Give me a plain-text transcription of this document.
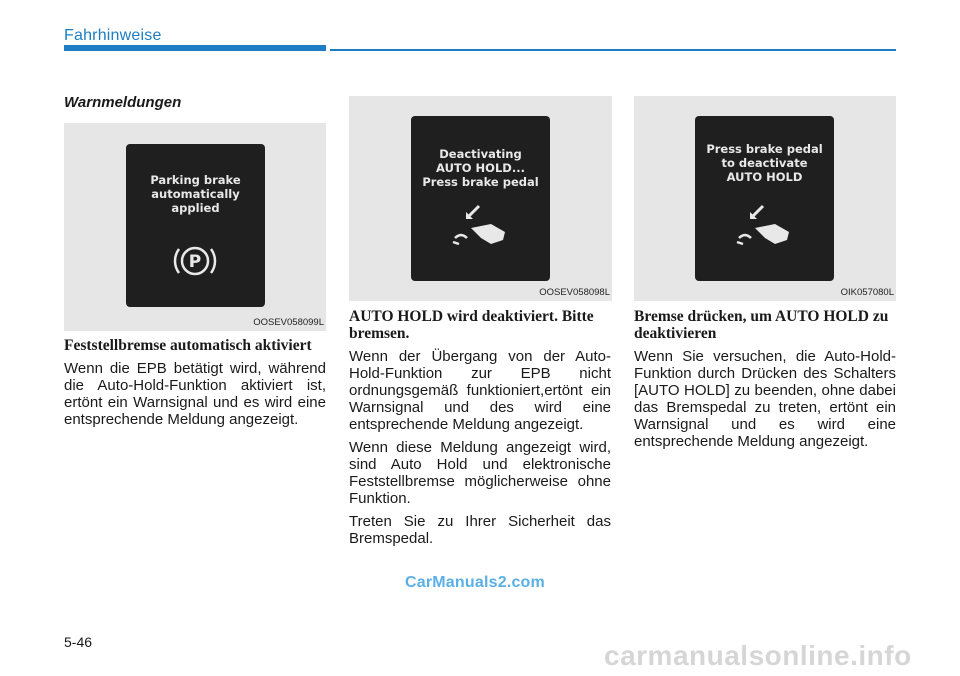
Fahrhinweise
Warnmeldungen
Parking brake
automatically
applied
P
OOSEV058099L
Deactivating
AUTO HOLD...
Press brake pedal
OOSEV058098L
Press brake pedal
to deactivate
AUTO HOLD
OIK057080L
Feststellbremse automatisch aktiviert

Wenn die EPB betätigt wird, während die Auto-Hold-Funktion aktiviert ist, ertönt ein Warnsignal und es wird eine entsprechende Meldung angezeigt.

AUTO HOLD wird deaktiviert. Bitte bremsen.

Wenn der Übergang von der Auto-Hold-Funktion zur EPB nicht ordnungsgemäß funktioniert,ertönt ein Warnsignal und des wird eine entsprechende Meldung angezeigt.

Wenn diese Meldung angezeigt wird, sind Auto Hold und elektronische Feststellbremse möglicherweise ohne Funktion.

Treten Sie zu Ihrer Sicherheit das Bremspedal.

Bremse drücken, um AUTO HOLD zu deaktivieren

Wenn Sie versuchen, die Auto-Hold-Funktion durch Drücken des Schalters [AUTO HOLD] zu beenden, ohne dabei das Bremspedal zu treten, ertönt ein Warnsignal und es wird eine entsprechende Meldung angezeigt.

CarManuals2.com
5-46	carmanualsonline.info
